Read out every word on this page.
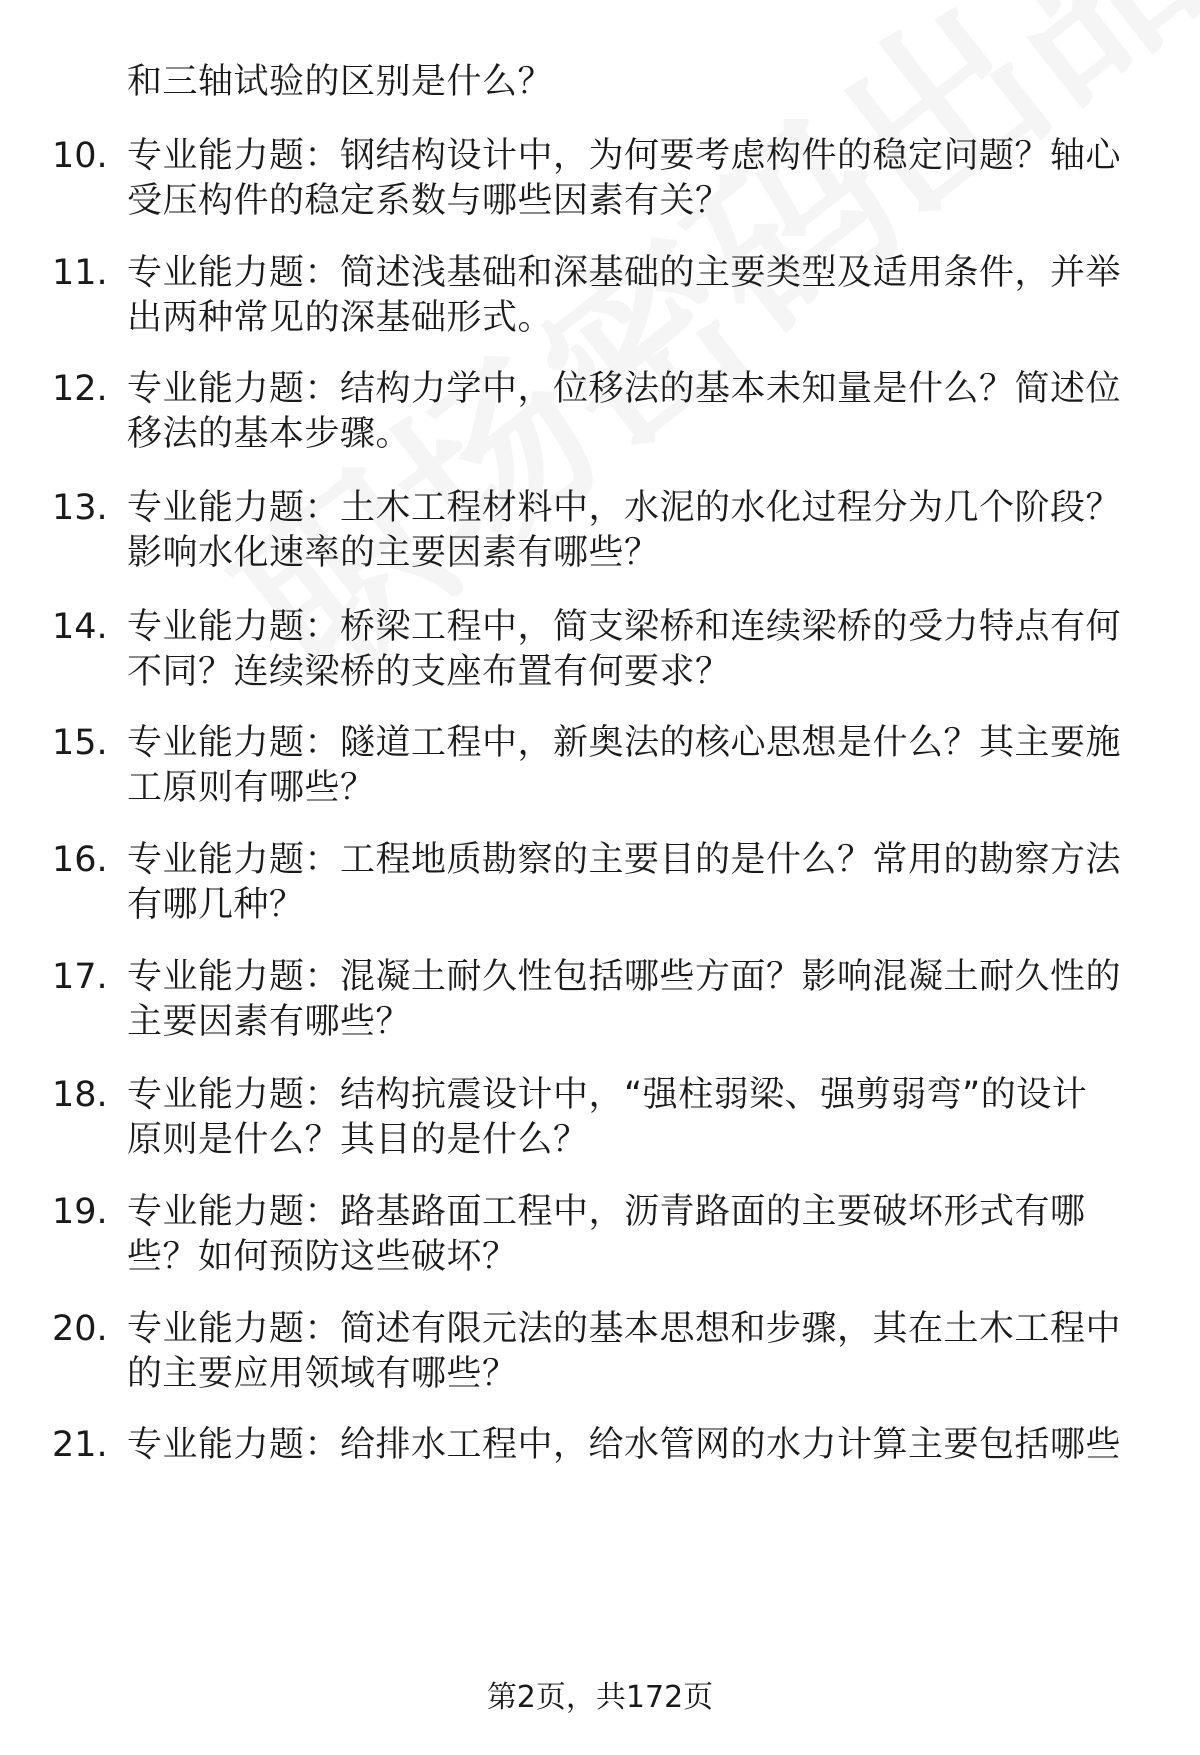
和三轴试验的区别是什么？
10. 专业能力题：钢结构设计中，为何要考虑构件的稳定问题？轴心
受压构件的稳定系数与哪些因素有关？
11. 专业能力题：简述浅基础和深基础的主要类型及适用条件，并举
出两种常见的深基础形式。
12. 专业能力题：结构力学中，位移法的基本未知量是什么？简述位
移法的基本步骤。
13. 专业能力题：土木工程材料中，水泥的水化过程分为几个阶段？
影响水化速率的主要因素有哪些？
14. 专业能力题：桥梁工程中，简支梁桥和连续梁桥的受力特点有何
不同？连续梁桥的支座布置有何要求？
15. 专业能力题：隧道工程中，新奥法的核心思想是什么？其主要施
工原则有哪些？
16. 专业能力题：工程地质勘察的主要目的是什么？常用的勘察方法
有哪几种？
17. 专业能力题：混凝土耐久性包括哪些方面？影响混凝土耐久性的
主要因素有哪些？
18. 专业能力题：结构抗震设计中，“强柱弱梁、强剪弱弯”的设计
原则是什么？其目的是什么？
19. 专业能力题：路基路面工程中，沥青路面的主要破坏形式有哪
些？如何预防这些破坏？
20. 专业能力题：简述有限元法的基本思想和步骤，其在土木工程中
的主要应用领域有哪些？
21. 专业能力题：给排水工程中，给水管网的水力计算主要包括哪些
第2页，共172页
